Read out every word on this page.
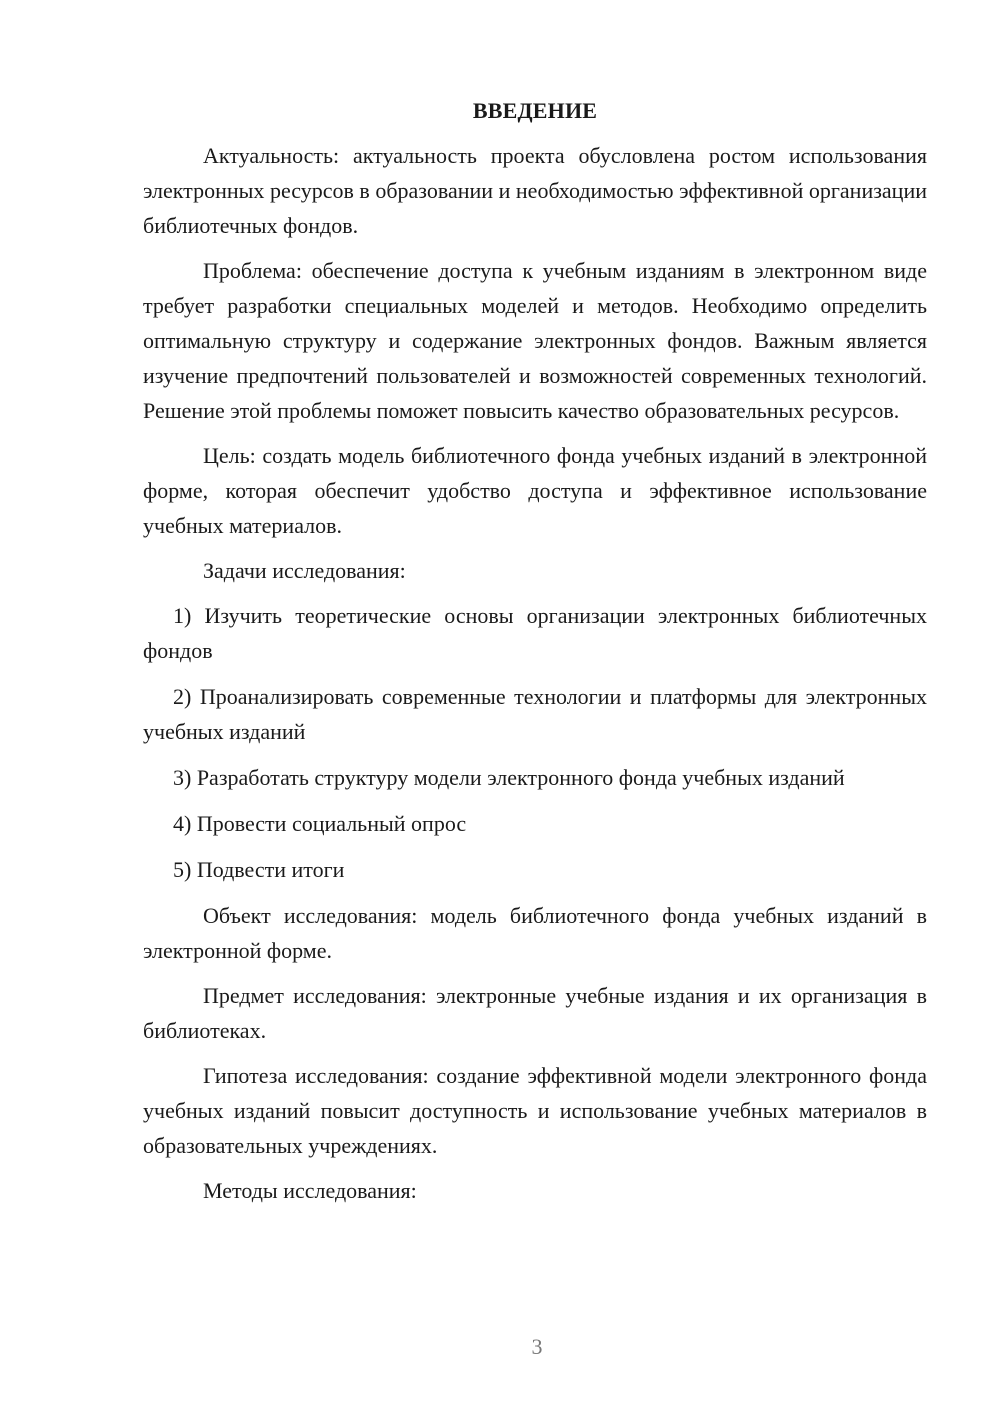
ВВЕДЕНИЕ

Актуальность: актуальность проекта обусловлена ростом использования электронных ресурсов в образовании и необходимостью эффективной организации библиотечных фондов.

Проблема: обеспечение доступа к учебным изданиям в электронном виде требует разработки специальных моделей и методов. Необходимо определить оптимальную структуру и содержание электронных фондов. Важным является изучение предпочтений пользователей и возможностей современных технологий. Решение этой проблемы поможет повысить качество образовательных ресурсов.

Цель: создать модель библиотечного фонда учебных изданий в электронной форме, которая обеспечит удобство доступа и эффективное использование учебных материалов.

Задачи исследования:

1) Изучить теоретические основы организации электронных библиотечных фондов

2) Проанализировать современные технологии и платформы для электронных учебных изданий

3) Разработать структуру модели электронного фонда учебных изданий

4) Провести социальный опрос

5) Подвести итоги

Объект исследования: модель библиотечного фонда учебных изданий в электронной форме.

Предмет исследования: электронные учебные издания и их организация в библиотеках.

Гипотеза исследования: создание эффективной модели электронного фонда учебных изданий повысит доступность и использование учебных материалов в образовательных учреждениях.

Методы исследования:

3
